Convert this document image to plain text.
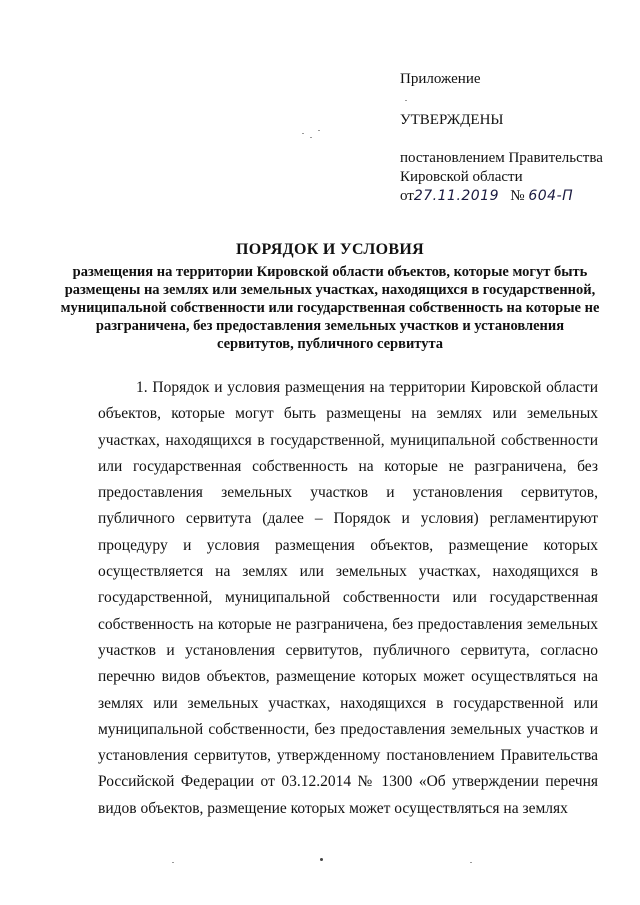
Приложение
УТВЕРЖДЕНЫ
постановлением Правительства
Кировской области
от27.11.2019 № 604-П
ПОРЯДОК И УСЛОВИЯ
размещения на территории Кировской области объектов, которые могут быть размещены на землях или земельных участках, находящихся в государственной, муниципальной собственности или государственная собственность на которые не разграничена, без предоставления земельных участков и установления сервитутов, публичного сервитута
1. Порядок и условия размещения на территории Кировской области объектов, которые могут быть размещены на землях или земельных участках, находящихся в государственной, муниципальной собственности или государственная собственность на которые не разграничена, без предоставления земельных участков и установления сервитутов, публичного сервитута (далее – Порядок и условия) регламентируют процедуру и условия размещения объектов, размещение которых осуществляется на землях или земельных участках, находящихся в государственной, муниципальной собственности или государственная собственность на которые не разграничена, без предоставления земельных участков и установления сервитутов, публичного сервитута, согласно перечню видов объектов, размещение которых может осуществляться на землях или земельных участках, находящихся в государственной или муниципальной собственности, без предоставления земельных участков и установления сервитутов, утвержденному постановлением Правительства Российской Федерации от 03.12.2014 № 1300 «Об утверждении перечня видов объектов, размещение которых может осуществляться на землях
